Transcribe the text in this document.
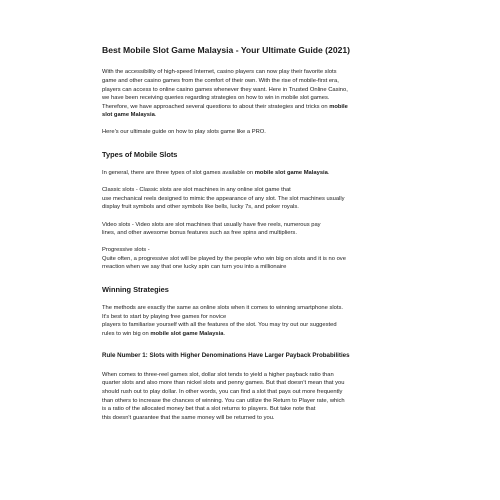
Best Mobile Slot Game Malaysia - Your Ultimate Guide (2021)

With the accessibility of high-speed Internet, casino players can now play their favorite slots
game and other casino games from the comfort of their own. With the rise of mobile-first era,
players can access to online casino games whenever they want. Here in Trusted Online Casino,
we have been receiving queries regarding strategies on how to win in mobile slot games.
Therefore, we have approached several questions to about their strategies and tricks on mobile
slot game Malaysia.

Here’s our ultimate guide on how to play slots game like a PRO.

Types of Mobile Slots

In general, there are three types of slot games available on mobile slot game Malaysia.

Classic slots - Classic slots are slot machines in any online slot game that
use mechanical reels designed to mimic the appearance of any slot. The slot machines usually
display fruit symbols and other symbols like bells, lucky 7s, and poker royals.

Video slots - Video slots are slot machines that usually have five reels, numerous pay
lines, and other awesome bonus features such as free spins and multipliers.

Progressive slots -
Quite often, a progressive slot will be played by the people who win big on slots and it is no ove
rreaction when we say that one lucky spin can turn you into a millionaire

Winning Strategies

The methods are exactly the same as online slots when it comes to winning smartphone slots.
It's best to start by playing free games for novice
players to familiarise yourself with all the features of the slot. You may try out our suggested
rules to win big on mobile slot game Malaysia.

Rule Number 1: Slots with Higher Denominations Have Larger Payback Probabilities

When comes to three-reel games slot, dollar slot tends to yield a higher payback ratio than
quarter slots and also more than nickel slots and penny games. But that doesn't mean that you
should rush out to play dollar. In other words, you can find a slot that pays out more frequently
than others to increase the chances of winning. You can utilize the Return to Player rate, which
is a ratio of the allocated money bet that a slot returns to players. But take note that
this doesn't guarantee that the same money will be returned to you.
